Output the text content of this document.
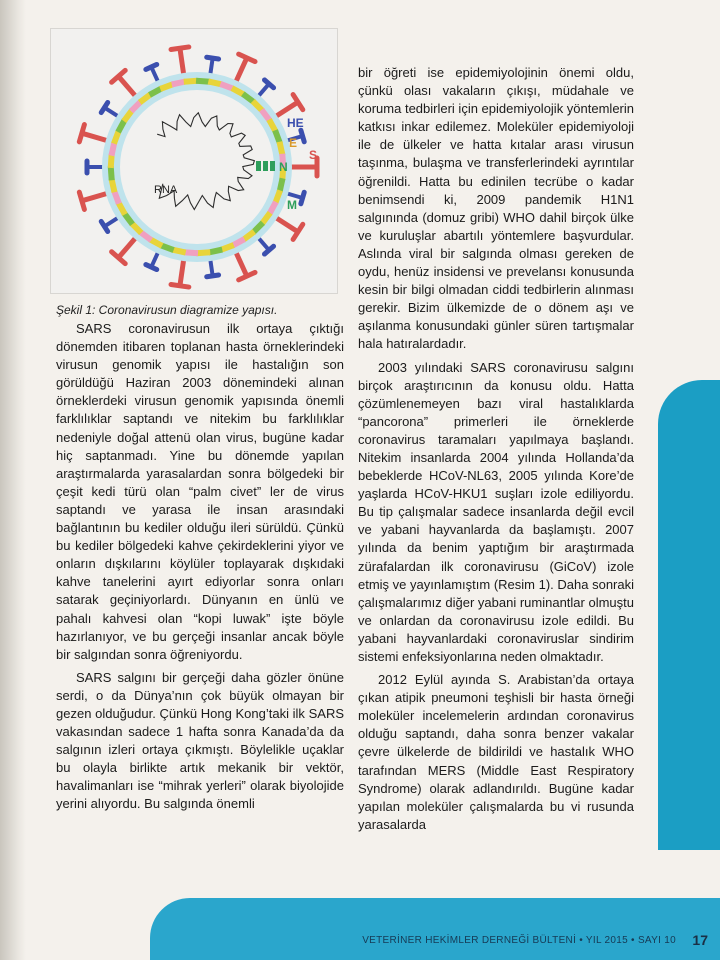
RNA
HE
E
S
M
N
Şekil 1: Coronavirusun diagramize yapısı.

SARS coronavirusun ilk ortaya çıktığı dönemden itibaren toplanan hasta örneklerindeki virusun genomik yapısı ile hastalığın son görüldüğü Haziran 2003 dönemindeki alınan örneklerdeki virusun genomik yapısında önemli farklılıklar saptandı ve nitekim bu farklılıklar nedeniyle doğal attenü olan virus, bugüne kadar hiç saptanmadı. Yine bu dönemde yapılan araştırmalarda yarasalardan sonra bölgedeki bir çeşit kedi türü olan “palm civet” ler de virus saptandı ve yarasa ile insan arasındaki bağlantının bu kediler olduğu ileri sürüldü. Çünkü bu kediler bölgedeki kahve çekirdeklerini yiyor ve onların dışkılarını köylüler toplayarak dışkıdaki kahve tanelerini ayırt ediyorlar sonra onları satarak geçiniyorlardı. Dünyanın en ünlü ve pahalı kahvesi olan “kopi luwak” işte böyle hazırlanıyor, ve bu gerçeği insanlar ancak böyle bir salgından sonra öğreniyordu.

SARS salgını bir gerçeği daha gözler önüne serdi, o da Dünya’nın çok büyük olmayan bir gezen olduğudur. Çünkü Hong Kong’taki ilk SARS vakasından sadece 1 hafta sonra Kanada’da da salgının izleri ortaya çıkmıştı. Böylelikle uçaklar bu olayla birlikte artık mekanik bir vektör, havalimanları ise “mihrak yerleri” olarak biyolojide yerini alıyordu. Bu salgında önemli

bir öğreti ise epidemiyolojinin önemi oldu, çünkü olası vakaların çıkışı, müdahale ve koruma tedbirleri için epidemiyolojik yöntemlerin katkısı inkar edilemez. Moleküler epidemiyoloji ile de ülkeler ve hatta kıtalar arası virusun taşınma, bulaşma ve transferlerindeki ayrıntılar öğrenildi. Hatta bu edinilen tecrübe o kadar benimsendi ki, 2009 pandemik H1N1 salgınında (domuz gribi) WHO dahil birçok ülke ve kuruluşlar abartılı yöntemlere başvurdular. Aslında viral bir salgında olması gereken de oydu, henüz insidensi ve prevelansı konusunda kesin bir bilgi olmadan ciddi tedbirlerin alınması gerekir. Bizim ülkemizde de o dönem aşı ve aşılanma konusundaki günler süren tartışmalar hala hatıralardadır.

2003 yılındaki SARS coronavirusu salgını birçok araştırıcının da konusu oldu. Hatta çözümlenemeyen bazı viral hastalıklarda “pancorona” primerleri ile örneklerde coronavirus taramaları yapılmaya başlandı. Nitekim insanlarda 2004 yılında Hollanda’da bebeklerde HCoV-NL63, 2005 yılında Kore’de yaşlarda HCoV-HKU1 suşları izole ediliyordu. Bu tip çalışmalar sadece insanlarda değil evcil ve yabani hayvanlarda da başlamıştı. 2007 yılında da benim yaptığım bir araştırmada zürafalardan ilk coronavirusu (GiCoV) izole etmiş ve yayınlamıştım (Resim 1). Daha sonraki çalışmalarımız diğer yabani ruminantlar olmuştu ve onlardan da coronavirusu izole edildi. Bu yabani hayvanlardaki coronaviruslar sindirim sistemi enfeksiyonlarına neden olmaktadır.

2012 Eylül ayında S. Arabistan’da ortaya çıkan atipik pneumoni teşhisli bir hasta örneği moleküler incelemelerin ardından coronavirus olduğu saptandı, daha sonra benzer vakalar çevre ülkelerde de bildirildi ve hastalık WHO tarafından MERS (Middle East Respiratory Syndrome) olarak adlandırıldı. Bugüne kadar yapılan moleküler çalışmalarda bu vi rusunda yarasalarda

VETERİNER HEKİMLER DERNEĞİ BÜLTENİ • YIL 2015 • SAYI 10 17
